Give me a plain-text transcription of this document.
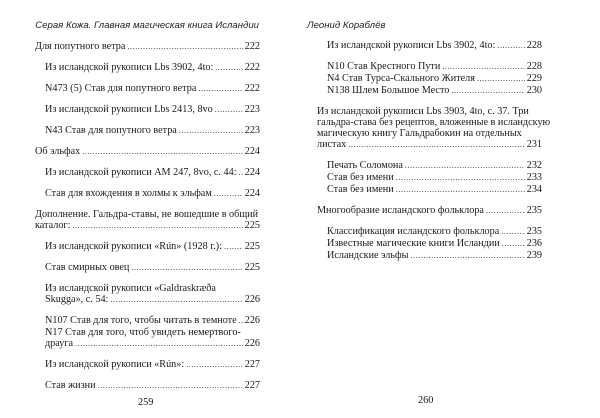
Серая Кожа. Главная магическая книга Исландии
Для попутного ветра .....	222
Из исландской рукописи Lbs 3902, 4to: .....	222
N473 (5) Став для попутного ветра .....	222
Из исландской рукописи Lbs 2413, 8vo .....	223
N43 Став для попутного ветра .....	223
Об эльфах .....	224
Из исландской рукописи AM 247, 8vo, с. 44: ..... 224
Став для вхождения в холмы к эльфам .....	224
Дополнение. Гальдра-ставы, не вошедшие в общий
каталог: .....	225
Из исландской рукописи «Rún» (1928 г.): ..... 225
Став смирных овец .....	225
Из исландской рукописи «Galdraskræða
Skugga», с. 54: .....	226
N107 Став для того, чтобы читать в темноте ..... 226
N17 Став для того, чтоб увидеть немертвого-
драуга .....	226
Из исландской рукописи «Rún»: .....	227
Став жизни .....	227
259
Леонид Кораблёв
Из исландской рукописи Lbs 3902, 4to: .....	228
N10 Став Крестного Пути .....	228
N4 Став Турса-Скального Жителя .....	229
N138 Шлем Большое Место .....	230
Из исландской рукописи Lbs 3903, 4to, с. 37. Три
гальдра-става без рецептов, вложенные в исландскую
магическую книгу Гальдрабокин на отдельных
листах .....	231
Печать Соломона .....	232
Став без имени .....	233
Став без имени .....	234
Многообразие исландского фольклора .....	235
Классификация исландского фольклора .....	235
Известные магические книги Исландии .....	236
Исландские эльфы .....	239
260
